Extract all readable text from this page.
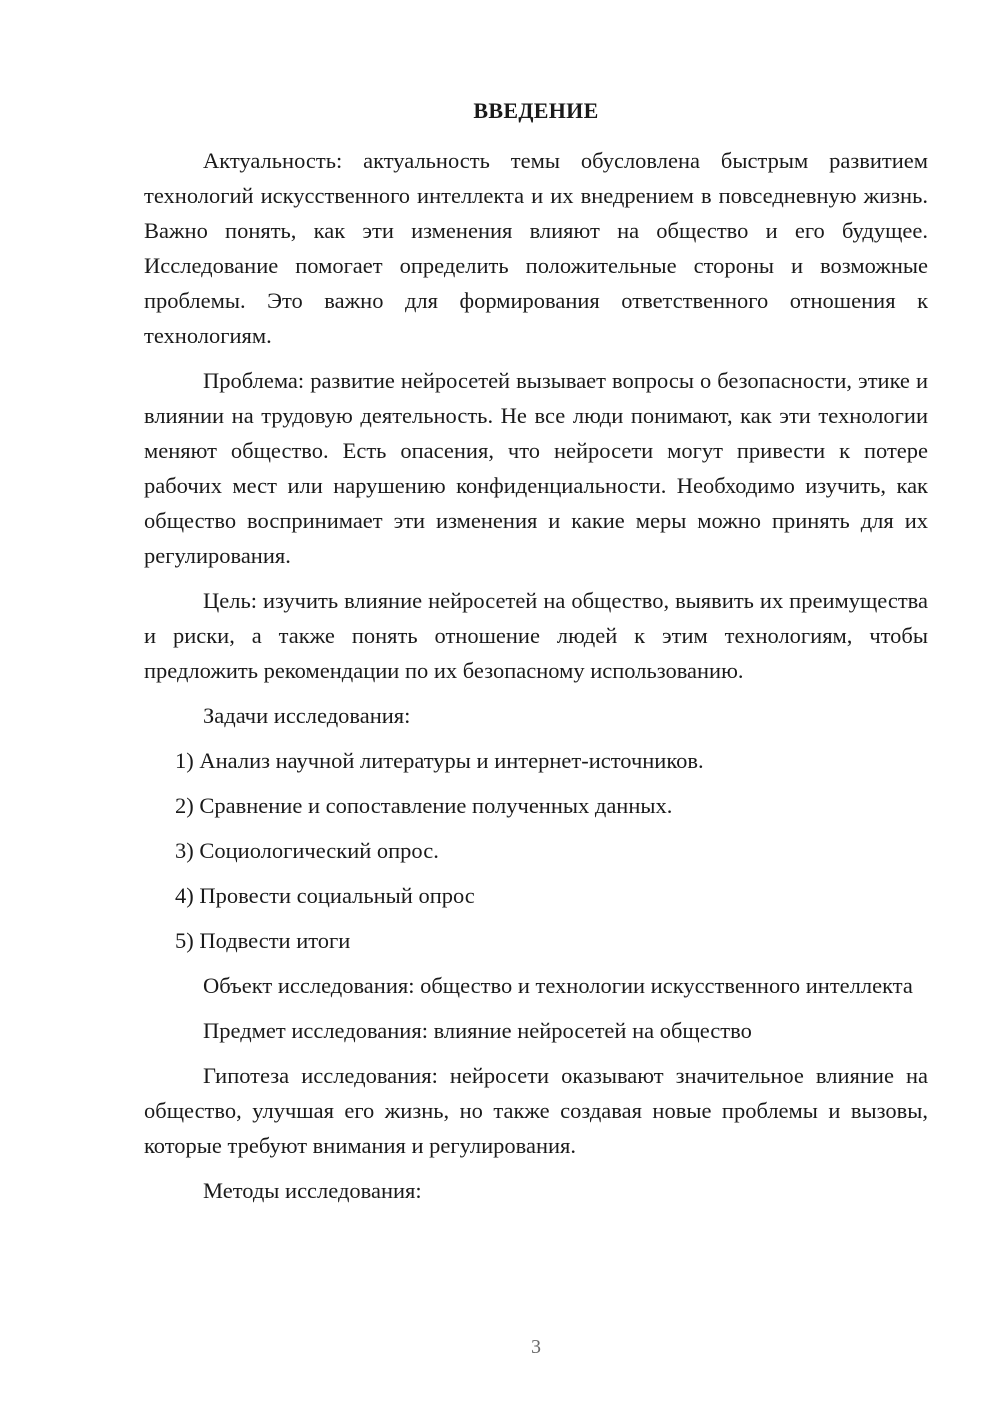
ВВЕДЕНИЕ

Актуальность: актуальность темы обусловлена быстрым развитием технологий искусственного интеллекта и их внедрением в повседневную жизнь. Важно понять, как эти изменения влияют на общество и его будущее. Исследование помогает определить положительные стороны и возможные проблемы. Это важно для формирования ответственного отношения к технологиям.

Проблема: развитие нейросетей вызывает вопросы о безопасности, этике и влиянии на трудовую деятельность. Не все люди понимают, как эти технологии меняют общество. Есть опасения, что нейросети могут привести к потере рабочих мест или нарушению конфиденциальности. Необходимо изучить, как общество воспринимает эти изменения и какие меры можно принять для их регулирования.

Цель: изучить влияние нейросетей на общество, выявить их преимущества и риски, а также понять отношение людей к этим технологиям, чтобы предложить рекомендации по их безопасному использованию.

Задачи исследования:

1) Анализ научной литературы и интернет-источников.

2) Сравнение и сопоставление полученных данных.

3) Социологический опрос.

4) Провести социальный опрос

5) Подвести итоги

Объект исследования: общество и технологии искусственного интеллекта

Предмет исследования: влияние нейросетей на общество

Гипотеза исследования: нейросети оказывают значительное влияние на общество, улучшая его жизнь, но также создавая новые проблемы и вызовы, которые требуют внимания и регулирования.

Методы исследования:

3
